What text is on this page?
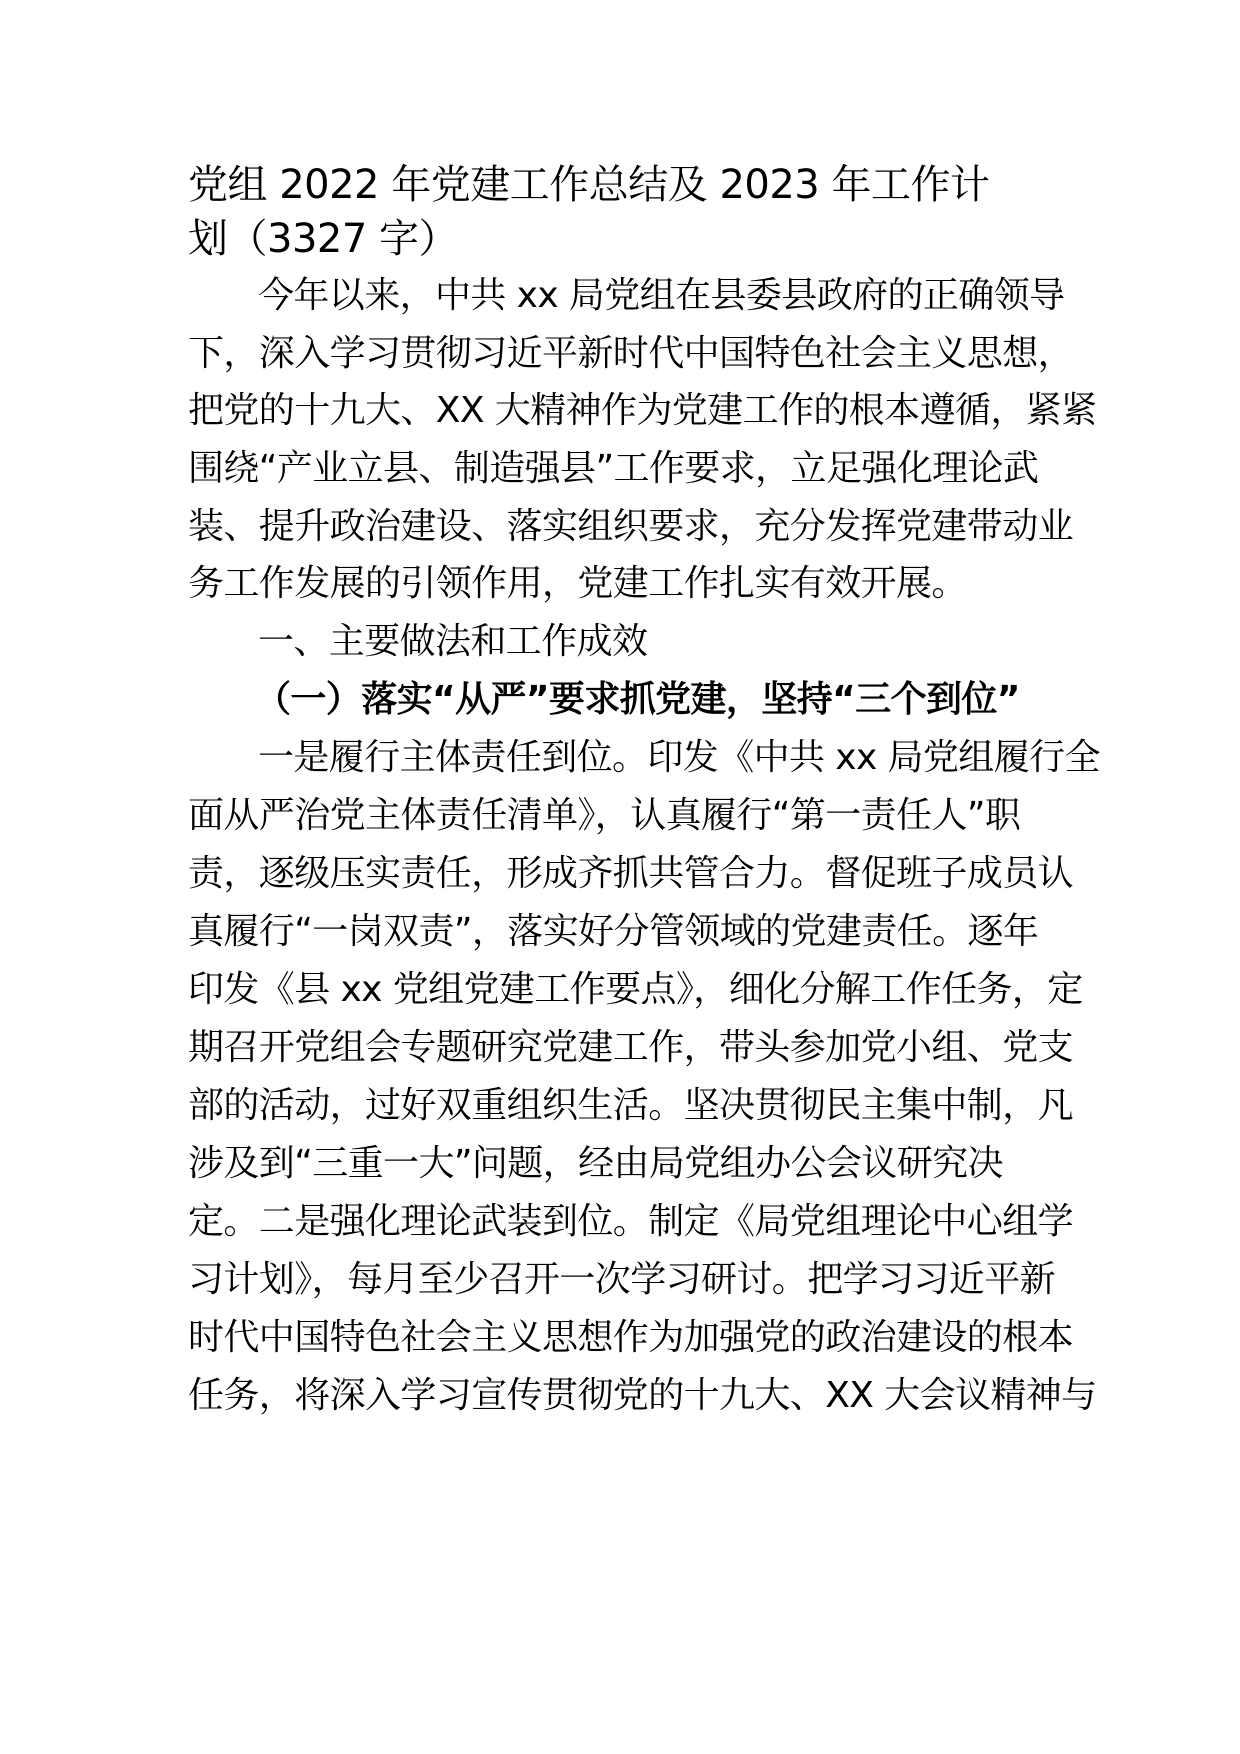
党组 2022 年党建工作总结及 2023 年工作计
划（3327 字）
今年以来，中共 xx 局党组在县委县政府的正确领导
下，深入学习贯彻习近平新时代中国特色社会主义思想，
把党的十九大、XX 大精神作为党建工作的根本遵循，紧紧
围绕“产业立县、制造强县”工作要求，立足强化理论武
装、提升政治建设、落实组织要求，充分发挥党建带动业
务工作发展的引领作用，党建工作扎实有效开展。
一、主要做法和工作成效
（一）落实“从严”要求抓党建，坚持“三个到位”
一是履行主体责任到位。印发《中共 xx 局党组履行全
面从严治党主体责任清单》，认真履行“第一责任人”职
责，逐级压实责任，形成齐抓共管合力。督促班子成员认
真履行“一岗双责”，落实好分管领域的党建责任。逐年
印发《县 xx 党组党建工作要点》，细化分解工作任务，定
期召开党组会专题研究党建工作，带头参加党小组、党支
部的活动，过好双重组织生活。坚决贯彻民主集中制，凡
涉及到“三重一大”问题，经由局党组办公会议研究决
定。二是强化理论武装到位。制定《局党组理论中心组学
习计划》，每月至少召开一次学习研讨。把学习习近平新
时代中国特色社会主义思想作为加强党的政治建设的根本
任务，将深入学习宣传贯彻党的十九大、XX 大会议精神与
